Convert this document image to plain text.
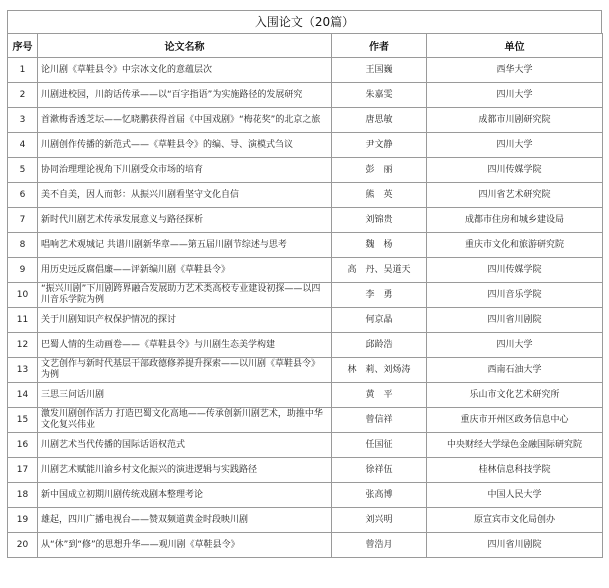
入围论文（20篇）
序号	论文名称	作者	单位
1	论川剧《草鞋县令》中宗冰文化的意蕴层次	王国巍	西华大学
2	川剧进校园，川韵话传承——以“百字指语”为实施路径的发展研究	朱嘉雯	四川大学
3	首漱梅香透芝坛——忆晓鹏获得首届《中国戏剧》“梅花奖”的北京之旅	唐思敏	成都市川剧研究院
4	川剧创作传播的新范式——《草鞋县令》的编、导、演模式刍议	尹文静	四川大学
5	协同治理理论视角下川剧受众市场的培育	彭　丽	四川传媒学院
6	美不自美，因人而彰：从振兴川剧看坚守文化自信	熊　英	四川省艺术研究院
7	新时代川剧艺术传承发展意义与路径探析	刘锦贵	成都市住房和城乡建设局
8	唱响艺术观城记 共谱川剧新华章——第五届川剧节综述与思考	魏　杨	重庆市文化和旅游研究院
9	用历史远反腐倡廉——评新编川剧《草鞋县令》	高　丹、吴道天	四川传媒学院
10	“振兴川剧”下川剧跨界融合发展助力艺术类高校专业建设初探——以四川音乐学院为例	李　勇	四川音乐学院
11	关于川剧知识产权保护情况的探讨	何京晶	四川省川剧院
12	巴蜀人情的生动画卷——《草鞋县令》与川剧生态美学构建	邱龄浩	四川大学
13	文艺创作与新时代基层干部政德修养提升探索——以川剧《草鞋县令》为例	林　莉、刘炀涛	西南石油大学
14	三思三问话川剧	黄　平	乐山市文化艺术研究所
15	激发川剧创作活力 打造巴蜀文化高地——传承创新川剧艺术，助推中华文化复兴伟业	曾信祥	重庆市开州区政务信息中心
16	川剧艺术当代传播的国际话语权范式	任国征	中央财经大学绿色金融国际研究院
17	川剧艺术赋能川渝乡村文化振兴的演进逻辑与实践路径	徐祥伍	桂林信息科技学院
18	新中国成立初期川剧传统戏剧本整理考论	张高博	中国人民大学
19	雄起，四川广播电视台——赞双频道黄金时段映川剧	刘兴明	原宣宾市文化局创办
20	从“休”到“修”的思想升华——观川剧《草鞋县令》	曾浩月	四川省川剧院
